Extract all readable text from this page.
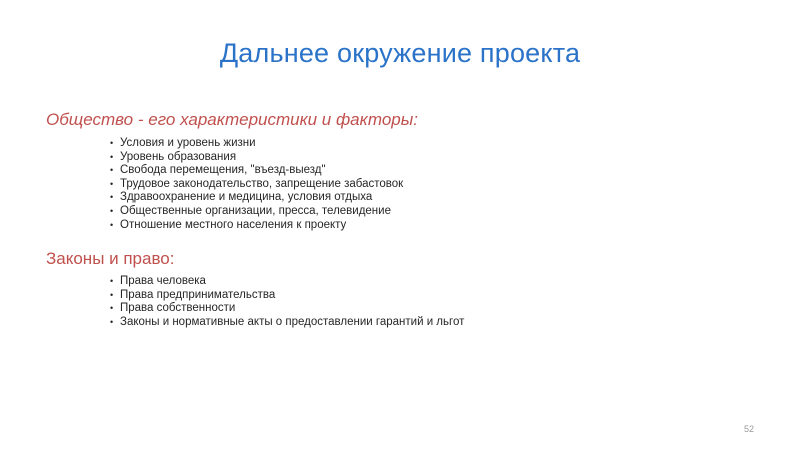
Дальнее окружение проекта
Общество - его характеристики и факторы:
• Условия и уровень жизни
• Уровень образования
• Свобода перемещения, "въезд-выезд"
• Трудовое законодательство, запрещение забастовок
• Здравоохранение и медицина, условия отдыха
• Общественные организации, пресса, телевидение
• Отношение местного населения к проекту
Законы и право:
• Права человека
• Права предпринимательства
• Права собственности
• Законы и нормативные акты о предоставлении гарантий и льгот
52
